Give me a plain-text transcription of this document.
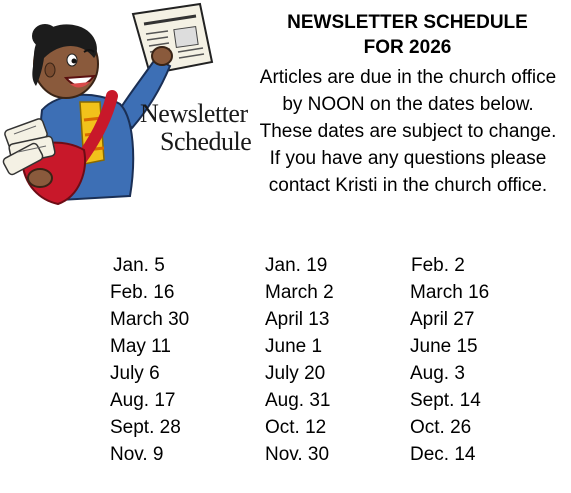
Newsletter
Schedule
NEWSLETTER SCHEDULE
FOR 2026
Articles are due in the church office by NOON on the dates below. These dates are subject to change. If you have any questions please contact Kristi in the church office.
Jan. 5
Feb. 16
March 30
May 11
July 6
Aug. 17
Sept. 28
Nov. 9
Jan. 19
March 2
April 13
June 1
July 20
Aug. 31
Oct. 12
Nov. 30
Feb. 2
March 16
April 27
June 15
Aug. 3
Sept. 14
Oct. 26
Dec. 14
